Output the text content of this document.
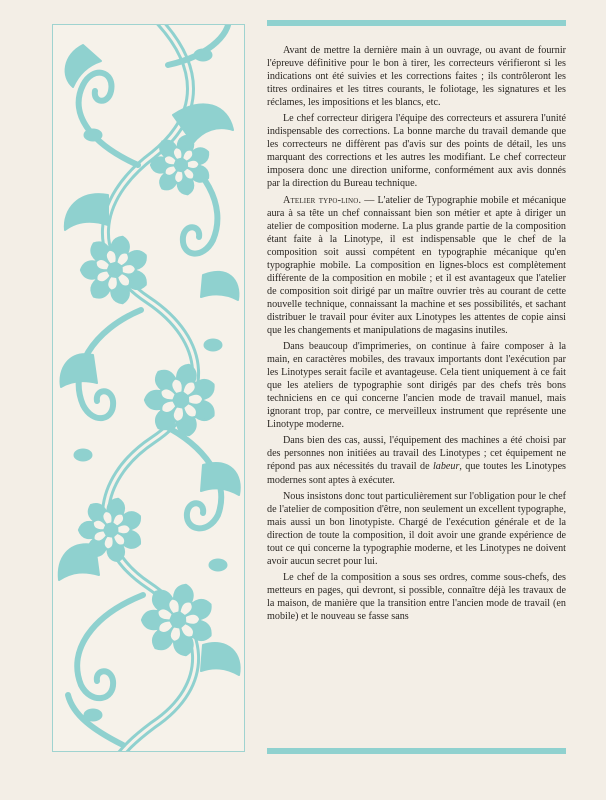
Avant de mettre la dernière main à un ouvrage, ou avant de fournir l'épreuve définitive pour le bon à tirer, les correcteurs vérifieront si les indications ont été suivies et les corrections faites ; ils contrôleront les titres ordinaires et les titres courants, le foliotage, les signatures et les réclames, les impositions et les blancs, etc.

Le chef correcteur dirigera l'équipe des correcteurs et assurera l'unité indispensable des corrections. La bonne marche du travail demande que les correcteurs ne diffèrent pas d'avis sur des points de détail, les uns marquant des corrections et les autres les modifiant. Le chef correcteur imposera donc une direction uniforme, conformément aux avis donnés par la direction du Bureau technique.

Atelier typo-lino. — L'atelier de Typographie mobile et mécanique aura à sa tête un chef connaissant bien son métier et apte à diriger un atelier de composition moderne. La plus grande partie de la composition étant faite à la Linotype, il est indispensable que le chef de la composition soit aussi compétent en typographie mécanique qu'en typographie mobile. La composition en lignes-blocs est complètement différente de la composition en mobile ; et il est avantageux que l'atelier de composition soit dirigé par un maître ouvrier très au courant de cette nouvelle technique, connaissant la machine et ses possibilités, et sachant distribuer le travail pour éviter aux Linotypes les attentes de copie ainsi que les changements et manipulations de magasins inutiles.

Dans beaucoup d'imprimeries, on continue à faire composer à la main, en caractères mobiles, des travaux importants dont l'exécution par les Linotypes serait facile et avantageuse. Cela tient uniquement à ce fait que les ateliers de typographie sont dirigés par des chefs très bons techniciens en ce qui concerne l'ancien mode de travail manuel, mais ignorant trop, par contre, ce merveilleux instrument que représente une Linotype moderne.

Dans bien des cas, aussi, l'équipement des machines a été choisi par des personnes non initiées au travail des Linotypes ; cet équipement ne répond pas aux nécessités du travail de labeur, que toutes les Linotypes modernes sont aptes à exécuter.

Nous insistons donc tout particulièrement sur l'obligation pour le chef de l'atelier de composition d'être, non seulement un excellent typographe, mais aussi un bon linotypiste. Chargé de l'exécution générale et de la direction de toute la composition, il doit avoir une grande expérience de tout ce qui concerne la typographie moderne, et les Linotypes ne doivent avoir aucun secret pour lui.

Le chef de la composition a sous ses ordres, comme sous-chefs, des metteurs en pages, qui devront, si possible, connaître déjà les travaux de la maison, de manière que la transition entre l'ancien mode de travail (en mobile) et le nouveau se fasse sans
